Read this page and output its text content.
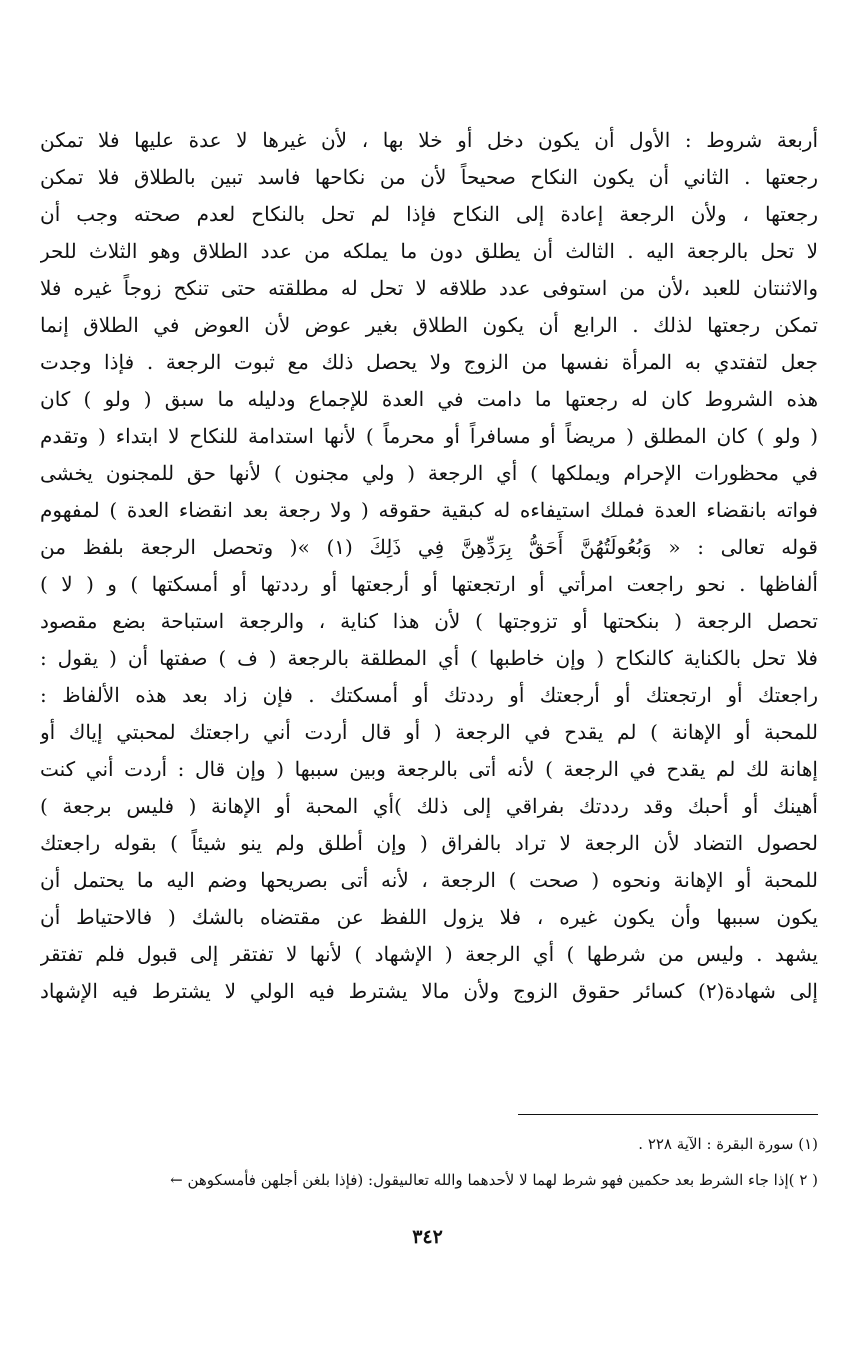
أربعة شروط : الأول أن يكون دخل أو خلا بها ، لأن غيرها لا عدة عليها فلا تمكن
رجعتها . الثاني أن يكون النكاح صحيحاً لأن من نكاحها فاسد تبين بالطلاق فلا تمكن
رجعتها ، ولأن الرجعة إعادة إلى النكاح فإذا لم تحل بالنكاح لعدم صحته وجب أن
لا تحل بالرجعة اليه . الثالث أن يطلق دون ما يملكه من عدد الطلاق وهو الثلاث للحر
والاثنتان للعبد ،لأن من استوفى عدد طلاقه لا تحل له مطلقته حتى تنكح زوجاً غيره فلا
تمكن رجعتها لذلك . الرابع أن يكون الطلاق بغير عوض لأن العوض في الطلاق إنما
جعل لتفتدي به المرأة نفسها من الزوج ولا يحصل ذلك مع ثبوت الرجعة . فإذا وجدت
هذه الشروط كان له رجعتها ما دامت في العدة للإجماع ودليله ما سبق ( ولو ) كان
( ولو ) كان المطلق ( مريضاً أو مسافراً أو محرماً ) لأنها استدامة للنكاح لا ابتداء ( وتقدم
في محظورات الإحرام ويملكها ) أي الرجعة ( ولي مجنون ) لأنها حق للمجنون يخشى
فواته بانقضاء العدة فملك استيفاءه له كبقية حقوقه ( ولا رجعة بعد انقضاء العدة ) لمفهوم
قوله تعالى : « وَبُعُولَتُهُنَّ أَحَقُّ بِرَدِّهِنَّ فِي ذَلِكَ (١) »( وتحصل الرجعة بلفظ من
ألفاظها . نحو راجعت امرأتي أو ارتجعتها أو أرجعتها أو رددتها أو أمسكتها ) و ( لا )
تحصل الرجعة ( بنكحتها أو تزوجتها ) لأن هذا كناية ، والرجعة استباحة بضع مقصود
فلا تحل بالكناية كالنكاح ( وإن خاطبها ) أي المطلقة بالرجعة ( ف ) صفتها أن ( يقول :
راجعتك أو ارتجعتك أو أرجعتك أو رددتك أو أمسكتك . فإن زاد بعد هذه الألفاظ :
للمحبة أو الإهانة ) لم يقدح في الرجعة ( أو قال أردت أني راجعتك لمحبتي إياك أو
إهانة لك لم يقدح في الرجعة ) لأنه أتى بالرجعة وبين سببها ( وإن قال : أردت أني كنت
أهينك أو أحبك وقد رددتك بفراقي إلى ذلك )أي المحبة أو الإهانة ( فليس برجعة )
لحصول التضاد لأن الرجعة لا تراد بالفراق ( وإن أطلق ولم ينو شيئاً ) بقوله راجعتك
للمحبة أو الإهانة ونحوه ( صحت ) الرجعة ، لأنه أتى بصريحها وضم اليه ما يحتمل أن
يكون سببها وأن يكون غيره ، فلا يزول اللفظ عن مقتضاه بالشك ( فالاحتياط أن
يشهد . وليس من شرطها ) أي الرجعة ( الإشهاد ) لأنها لا تفتقر إلى قبول فلم تفتقر
إلى شهادة(٢) كسائر حقوق الزوج ولأن مالا يشترط فيه الولي لا يشترط فيه الإشهاد
(١) سورة البقرة : الآية ٢٢٨ .
( ٢ )إذا جاء الشرط بعد حكمين فهو شرط لهما لا لأحدهما والله تعالىيقول: (فإذا بلغن أجلهن فأمسكوهن ←
٣٤٢
